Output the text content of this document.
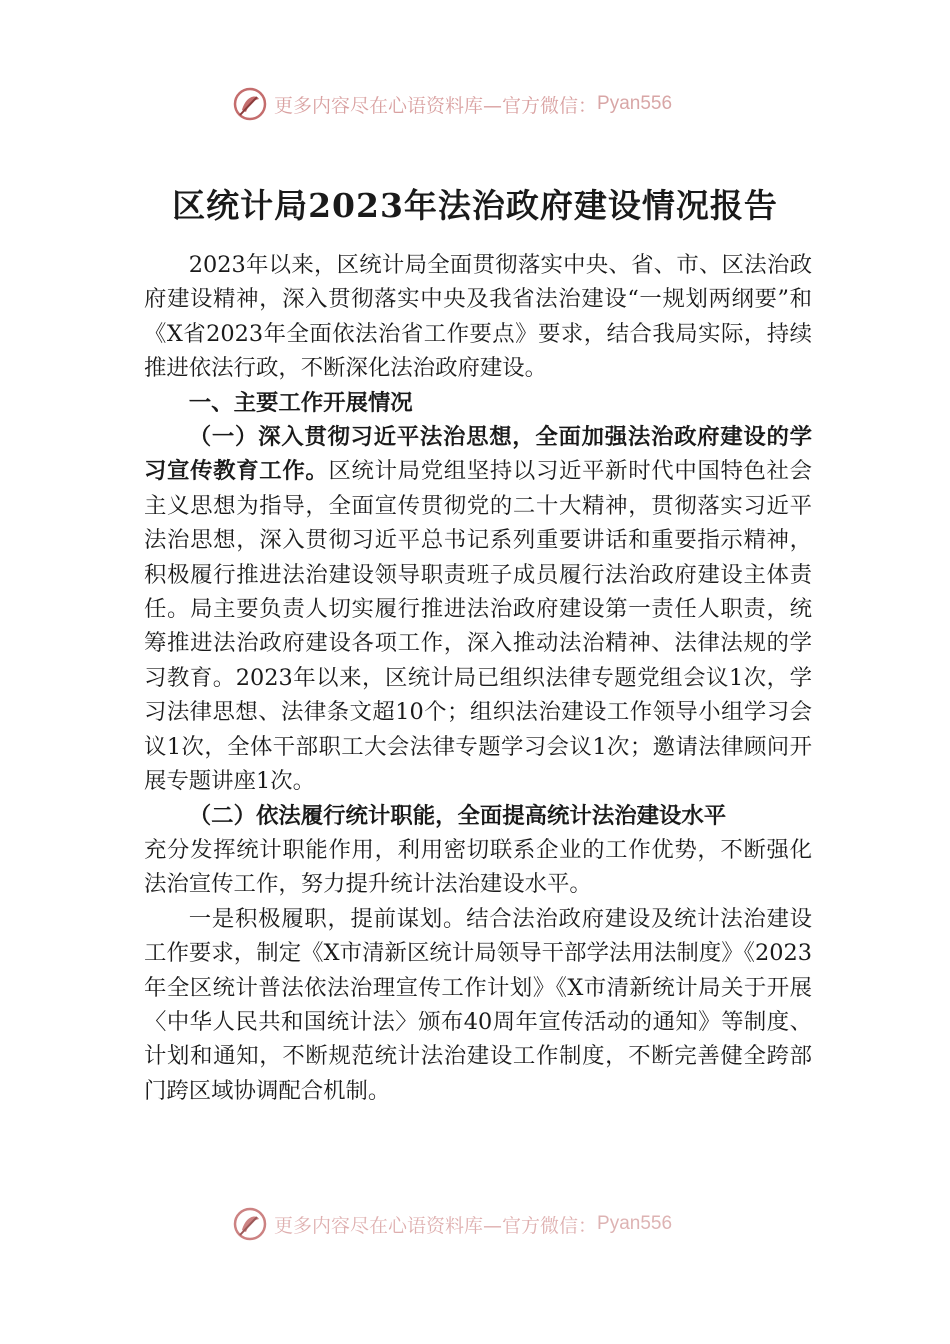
更多内容尽在心语资料库—官方微信： Pyan556
区统计局2023年法治政府建设情况报告

2023年以来，区统计局全面贯彻落实中央、省、市、区法治政府建设精神，深入贯彻落实中央及我省法治建设“一规划两纲要”和《X省2023年全面依法治省工作要点》要求，结合我局实际，持续推进依法行政，不断深化法治政府建设。

一、主要工作开展情况

（一）深入贯彻习近平法治思想，全面加强法治政府建设的学习宣传教育工作。区统计局党组坚持以习近平新时代中国特色社会主义思想为指导，全面宣传贯彻党的二十大精神，贯彻落实习近平法治思想，深入贯彻习近平总书记系列重要讲话和重要指示精神，积极履行推进法治建设领导职责班子成员履行法治政府建设主体责任。局主要负责人切实履行推进法治政府建设第一责任人职责，统筹推进法治政府建设各项工作，深入推动法治精神、法律法规的学习教育。2023年以来，区统计局已组织法律专题党组会议1次，学习法律思想、法律条文超10个；组织法治建设工作领导小组学习会议1次，全体干部职工大会法律专题学习会议1次；邀请法律顾问开展专题讲座1次。

（二）依法履行统计职能，全面提高统计法治建设水平

充分发挥统计职能作用，利用密切联系企业的工作优势，不断强化法治宣传工作，努力提升统计法治建设水平。

一是积极履职，提前谋划。结合法治政府建设及统计法治建设工作要求，制定《X市清新区统计局领导干部学法用法制度》《2023年全区统计普法依法治理宣传工作计划》《X市清新统计局关于开展〈中华人民共和国统计法〉颁布40周年宣传活动的通知》等制度、计划和通知，不断规范统计法治建设工作制度，不断完善健全跨部门跨区域协调配合机制。

更多内容尽在心语资料库—官方微信： Pyan556
